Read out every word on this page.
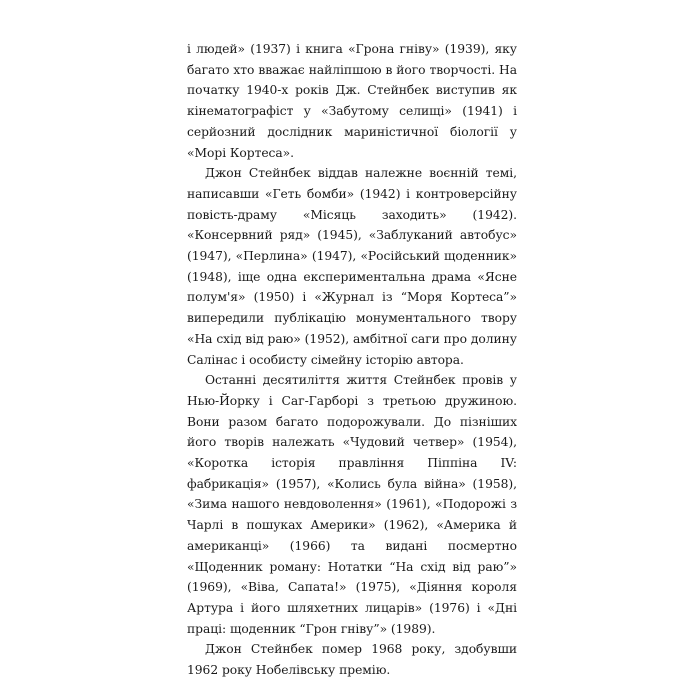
і людей» (1937) і книга «Грона гніву» (1939), яку багато хто вважає найліпшою в його творчості. На початку 1940-х років Дж. Стейнбек виступив як кінематографіст у «Забутому селищі» (1941) і серйозний дослідник мариністичної біології у «Морі Кортеса».

Джон Стейнбек віддав належне воєнній темі, написавши «Геть бомби» (1942) і контроверсійну повість-драму «Місяць заходить» (1942). «Консервний ряд» (1945), «Заблуканий автобус» (1947), «Перлина» (1947), «Російський щоденник» (1948), іще одна експериментальна драма «Ясне полум'я» (1950) і «Журнал із “Моря Кортеса”» випередили публікацію монументального твору «На схід від раю» (1952), амбітної саги про долину Салінас і особисту сімейну історію автора.

Останні десятиліття життя Стейнбек провів у Нью-Йорку і Саг-Гарборі з третьою дружиною. Вони разом багато подорожували. До пізніших його творів належать «Чудовий четвер» (1954), «Коротка історія правління Піппіна IV: фабрикація» (1957), «Колись була війна» (1958), «Зима нашого невдоволення» (1961), «Подорожі з Чарлі в пошуках Америки» (1962), «Америка й американці» (1966) та видані посмертно «Щоденник роману: Нотатки “На схід від раю”» (1969), «Віва, Сапата!» (1975), «Діяння короля Артура і його шляхетних лицарів» (1976) і «Дні праці: щоденник “Грон гніву”» (1989).

Джон Стейнбек помер 1968 року, здобувши 1962 року Нобелівську премію.
